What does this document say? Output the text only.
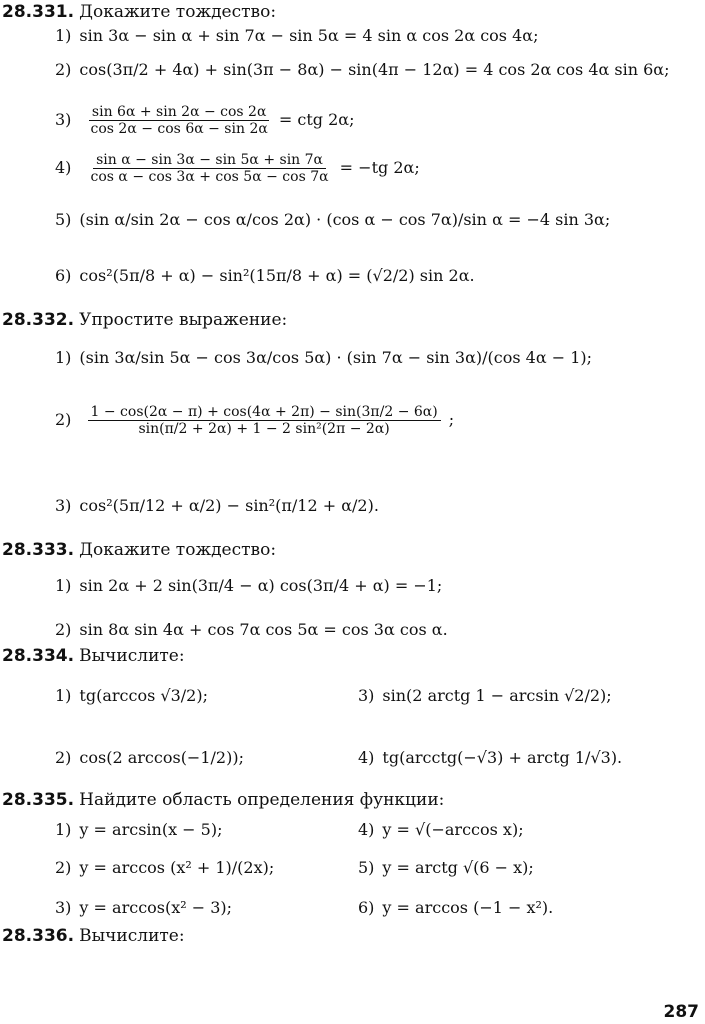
28.331. Докажите тождество:
1) sin 3α − sin α + sin 7α − sin 5α = 4 sin α cos 2α cos 4α;
2) cos(3π/2 + 4α) + sin(3π − 8α) − sin(4π − 12α) = 4 cos 2α cos 4α sin 6α;
$3) \frac{\sin 6\alpha + \sin 2\alpha - \cos 2\alpha}{\cos 2\alpha - \cos 6\alpha - \sin 2\alpha}$ = ctg 2α;
$4) \frac{\text{sin α − sin 3α − sin 5α + sin 7α}}{\text{cos α − cos 3α + cos 5α − cos 7α}} = -tg$ 2α;
5) (sin α/sin 2α − cos α/cos 2α) · (cos α − cos 7α)/sin α = −4 sin 3α;
6) cos²(5π/8 + α) − sin²(15π/8 + α) = (√2/2) sin 2α.
28.332. Упростите выражение:
1) (sin 3α/sin 5α − cos 3α/cos 5α) · (sin 7α − sin 3α)/(cos 4α − 1);
$2) \frac{1 - \cos(2\alpha - \pi) + \cos(4\alpha + 2\pi) - \sin(3\pi/2 - 6\alpha)}{\text{sin(π/2 + 2α) + 1 − 2 sin²(2π − 2α)}}$ ;
3) cos²(5π/12 + α/2) − sin²(π/12 + α/2).
28.333. Докажите тождество:
1) sin 2α + 2 sin(3π/4 − α) cos(3π/4 + α) = −1;
2) sin 8α sin 4α + cos 7α cos 5α = cos 3α cos α.
28.334. Вычислите:
1) tg(arccos √3/2);	3) sin(2 arctg 1 − arcsin √2/2);
2) cos(2 arccos(−1/2));	4) tg(arcctg(−√3) + arctg 1/√3).
28.335. Найдите область определения функции:
1) y = arcsin(x − 5);	4) y = √(−arccos x);
2) y = arccos (x² + 1)/(2x);	5) y = arctg √(6 − x);
3) y = arccos(x² − 3);	6) y = arccos (−1 − x²).
28.336. Вычислите:
287
